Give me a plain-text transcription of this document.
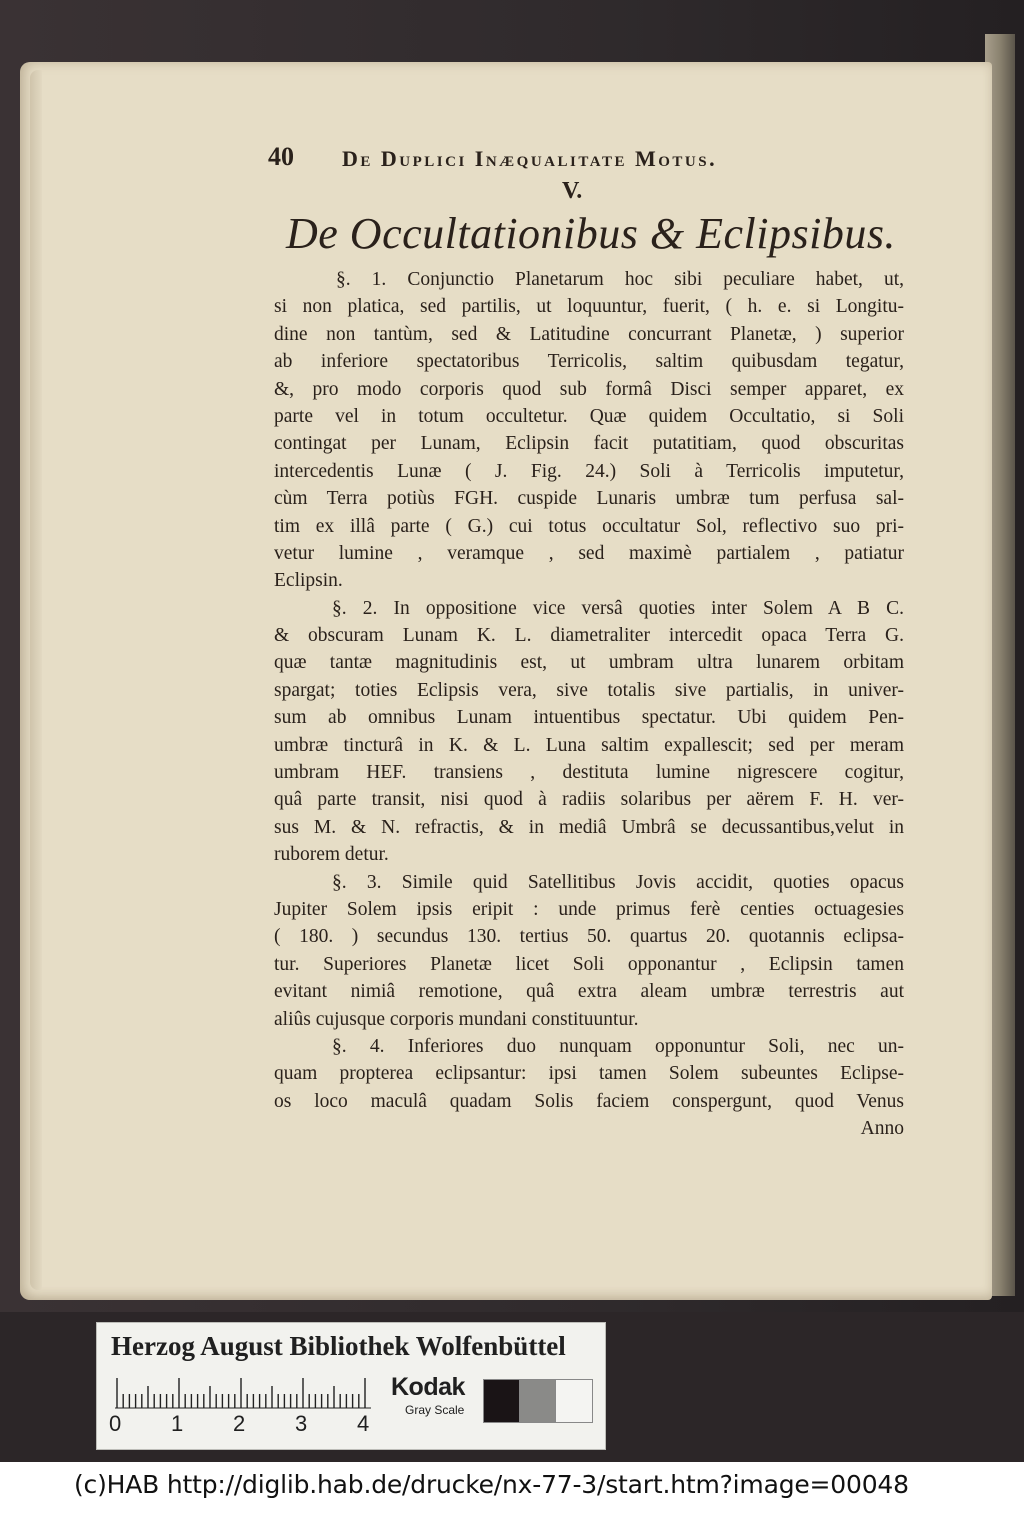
40 De Duplici Inæqualitate Motus.
V.
De Occultationibus & Eclipsibus.
§. 1. Conjunctio Planetarum hoc sibi peculiare habet, ut,
si non platica, sed partilis, ut loquuntur, fuerit, ( h. e. si Longitu-
dine non tantùm, sed & Latitudine concurrant Planetæ, ) superior
ab inferiore spectatoribus Terricolis, saltim quibusdam tegatur,
&, pro modo corporis quod sub formâ Disci semper apparet, ex
parte vel in totum occultetur. Quæ quidem Occultatio, si Soli
contingat per Lunam, Eclipsin facit putatitiam, quod obscuritas
intercedentis Lunæ ( J. Fig. 24.) Soli à Terricolis imputetur,
cùm Terra potiùs FGH. cuspide Lunaris umbræ tum perfusa sal-
tim ex illâ parte ( G.) cui totus occultatur Sol, reflectivo suo pri-
vetur lumine , veramque , sed maximè partialem , patiatur
Eclipsin.
§. 2. In oppositione vice versâ quoties inter Solem A B C.
& obscuram Lunam K. L. diametraliter intercedit opaca Terra G.
quæ tantæ magnitudinis est, ut umbram ultra lunarem orbitam
spargat; toties Eclipsis vera, sive totalis sive partialis, in univer-
sum ab omnibus Lunam intuentibus spectatur. Ubi quidem Pen-
umbræ tincturâ in K. & L. Luna saltim expallescit; sed per meram
umbram HEF. transiens , destituta lumine nigrescere cogitur,
quâ parte transit, nisi quod à radiis solaribus per aërem F. H. ver-
sus M. & N. refractis, & in mediâ Umbrâ se decussantibus,velut in
ruborem detur.
§. 3. Simile quid Satellitibus Jovis accidit, quoties opacus
Jupiter Solem ipsis eripit : unde primus ferè centies octuagesies
( 180. ) secundus 130. tertius 50. quartus 20. quotannis eclipsa-
tur. Superiores Planetæ licet Soli opponantur , Eclipsin tamen
evitant nimiâ remotione, quâ extra aleam umbræ terrestris aut
aliûs cujusque corporis mundani constituuntur.
§. 4. Inferiores duo nunquam opponuntur Soli, nec un-
quam propterea eclipsantur: ipsi tamen Solem subeuntes Eclipse-
os loco maculâ quadam Solis faciem conspergunt, quod Venus
Anno
Herzog August Bibliothek Wolfenbüttel
0 1 2 3 4
Kodak
Gray Scale
(c)HAB http://diglib.hab.de/drucke/nx-77-3/start.htm?image=00048
